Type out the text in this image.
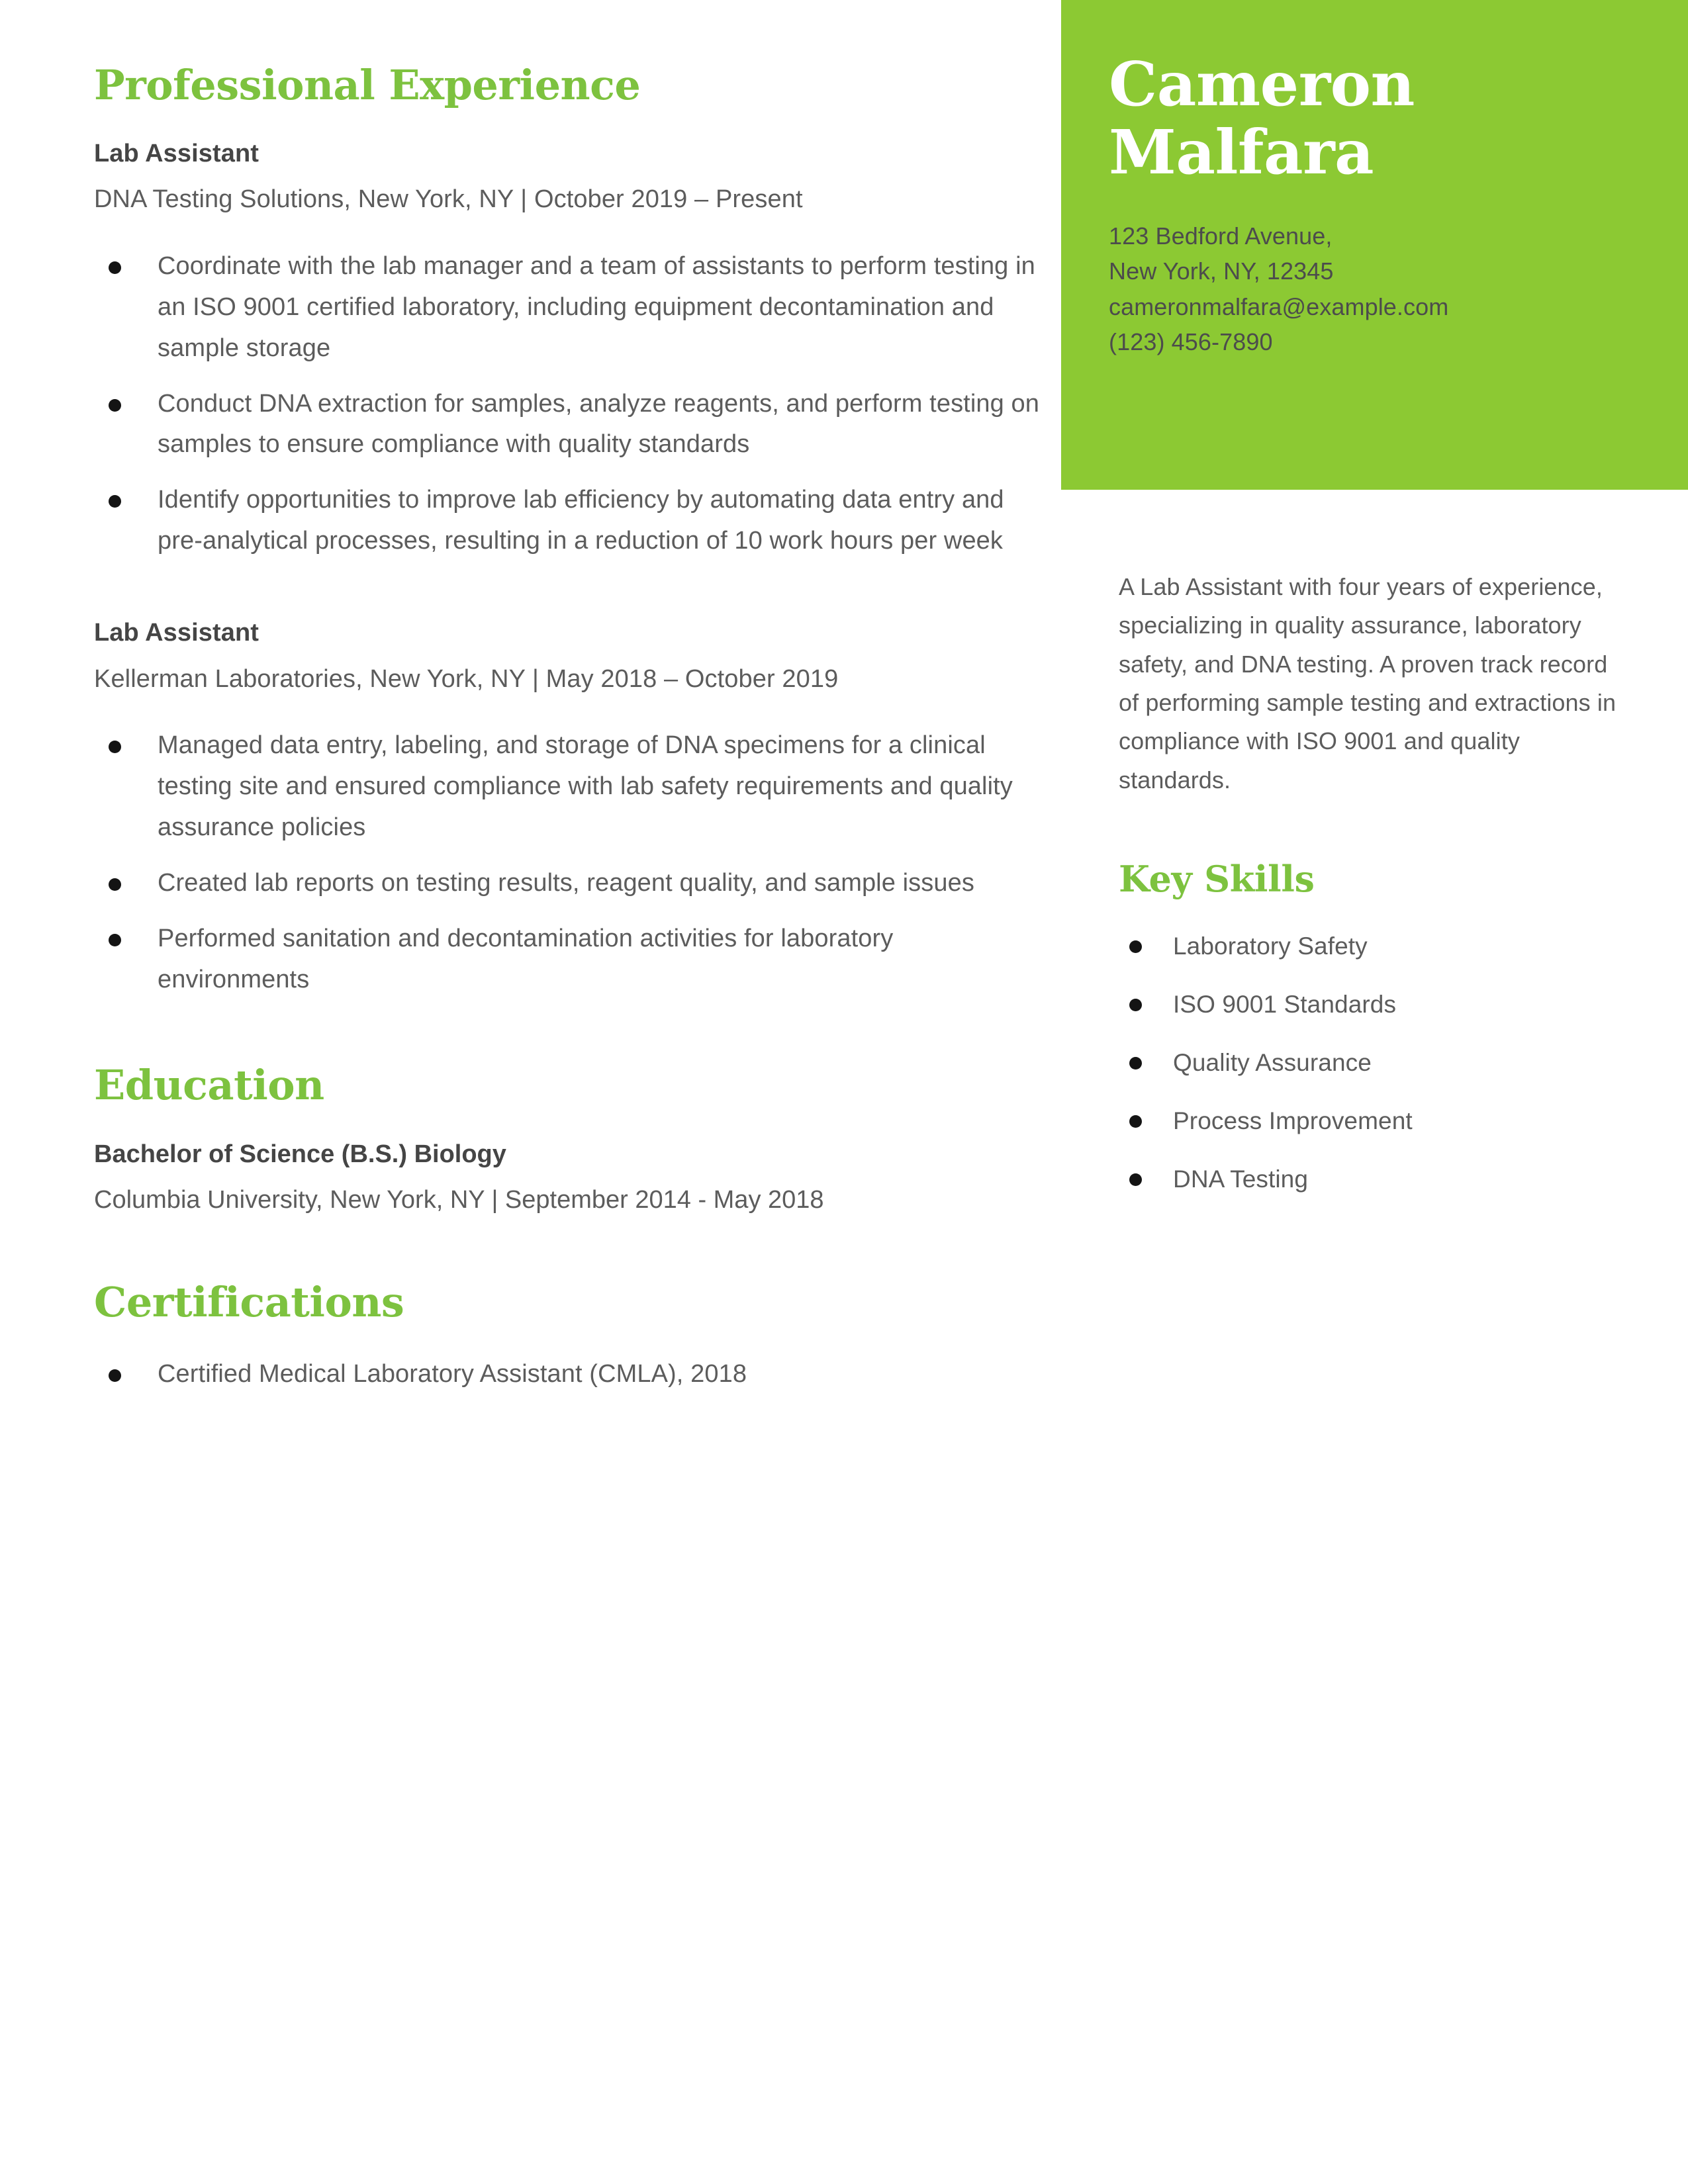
Professional Experience
Lab Assistant
DNA Testing Solutions, New York, NY | October 2019 – Present
Coordinate with the lab manager and a team of assistants to perform testing in an ISO 9001 certified laboratory, including equipment decontamination and sample storage
Conduct DNA extraction for samples, analyze reagents, and perform testing on samples to ensure compliance with quality standards
Identify opportunities to improve lab efficiency by automating data entry and pre-analytical processes, resulting in a reduction of 10 work hours per week
Lab Assistant
Kellerman Laboratories, New York, NY | May 2018 – October 2019
Managed data entry, labeling, and storage of DNA specimens for a clinical testing site and ensured compliance with lab safety requirements and quality assurance policies
Created lab reports on testing results, reagent quality, and sample issues
Performed sanitation and decontamination activities for laboratory environments
Education
Bachelor of Science (B.S.) Biology
Columbia University, New York, NY | September 2014 - May 2018
Certifications
Certified Medical Laboratory Assistant (CMLA), 2018
Cameron
Malfara
123 Bedford Avenue,
New York, NY, 12345
cameronmalfara@example.com
(123) 456-7890

A Lab Assistant with four years of experience, specializing in quality assurance, laboratory safety, and DNA testing. A proven track record of performing sample testing and extractions in compliance with ISO 9001 and quality standards.

Key Skills
Laboratory Safety
ISO 9001 Standards
Quality Assurance
Process Improvement
DNA Testing
